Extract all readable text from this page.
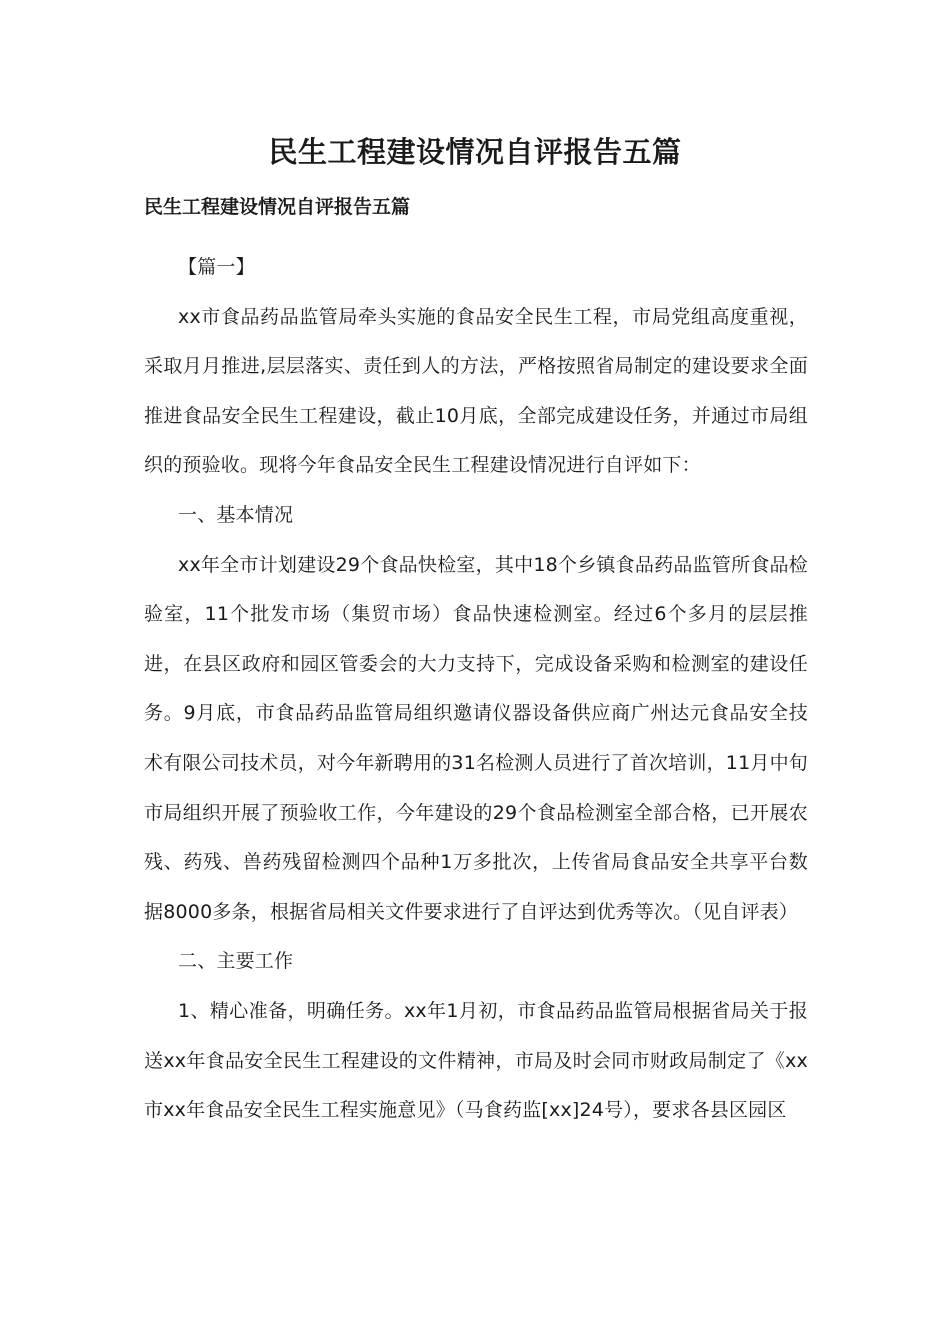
民生工程建设情况自评报告五篇
民生工程建设情况自评报告五篇

【篇一】

xx市食品药品监管局牵头实施的食品安全民生工程，市局党组高度重视，采取月月推进,层层落实、责任到人的方法，严格按照省局制定的建设要求全面推进食品安全民生工程建设，截止10月底，全部完成建设任务，并通过市局组织的预验收。现将今年食品安全民生工程建设情况进行自评如下：

一、基本情况

xx年全市计划建设29个食品快检室，其中18个乡镇食品药品监管所食品检验室，11个批发市场（集贸市场）食品快速检测室。经过6个多月的层层推进，在县区政府和园区管委会的大力支持下，完成设备采购和检测室的建设任务。9月底，市食品药品监管局组织邀请仪器设备供应商广州达元食品安全技术有限公司技术员，对今年新聘用的31名检测人员进行了首次培训，11月中旬市局组织开展了预验收工作，今年建设的29个食品检测室全部合格，已开展农残、药残、兽药残留检测四个品种1万多批次，上传省局食品安全共享平台数据8000多条，根据省局相关文件要求进行了自评达到优秀等次。（见自评表）

二、主要工作

1、精心准备，明确任务。xx年1月初，市食品药品监管局根据省局关于报送xx年食品安全民生工程建设的文件精神，市局及时会同市财政局制定了《xx市xx年食品安全民生工程实施意见》（马食药监[xx]24号），要求各县区园区
